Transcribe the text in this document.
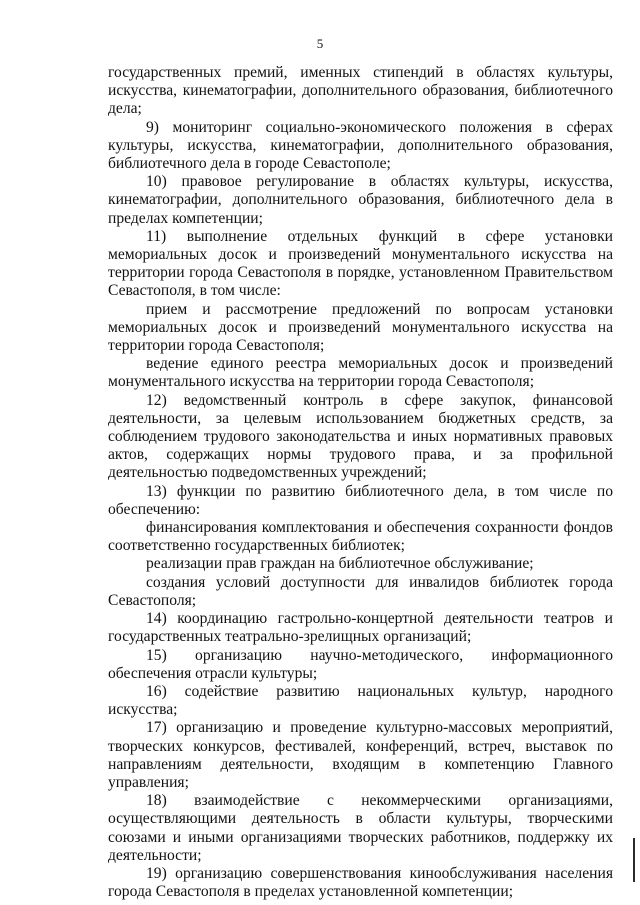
5

государственных премий, именных стипендий в областях культуры, искусства, кинематографии, дополнительного образования, библиотечного дела;

9) мониторинг социально-экономического положения в сферах культуры, искусства, кинематографии, дополнительного образования, библиотечного дела в городе Севастополе;

10) правовое регулирование в областях культуры, искусства, кинематографии, дополнительного образования, библиотечного дела в пределах компетенции;

11) выполнение отдельных функций в сфере установки мемориальных досок и произведений монументального искусства на территории города Севастополя в порядке, установленном Правительством Севастополя, в том числе:

прием и рассмотрение предложений по вопросам установки мемориальных досок и произведений монументального искусства на территории города Севастополя;

ведение единого реестра мемориальных досок и произведений монументального искусства на территории города Севастополя;

12) ведомственный контроль в сфере закупок, финансовой деятельности, за целевым использованием бюджетных средств, за соблюдением трудового законодательства и иных нормативных правовых актов, содержащих нормы трудового права, и за профильной деятельностью подведомственных учреждений;

13) функции по развитию библиотечного дела, в том числе по обеспечению:

финансирования комплектования и обеспечения сохранности фондов соответственно государственных библиотек;

реализации прав граждан на библиотечное обслуживание;

создания условий доступности для инвалидов библиотек города Севастополя;

14) координацию гастрольно-концертной деятельности театров и государственных театрально-зрелищных организаций;

15) организацию научно-методического, информационного обеспечения отрасли культуры;

16) содействие развитию национальных культур, народного искусства;

17) организацию и проведение культурно-массовых мероприятий, творческих конкурсов, фестивалей, конференций, встреч, выставок по направлениям деятельности, входящим в компетенцию Главного управления;

18) взаимодействие с некоммерческими организациями, осуществляющими деятельность в области культуры, творческими союзами и иными организациями творческих работников, поддержку их деятельности;

19) организацию совершенствования кинообслуживания населения города Севастополя в пределах установленной компетенции;
